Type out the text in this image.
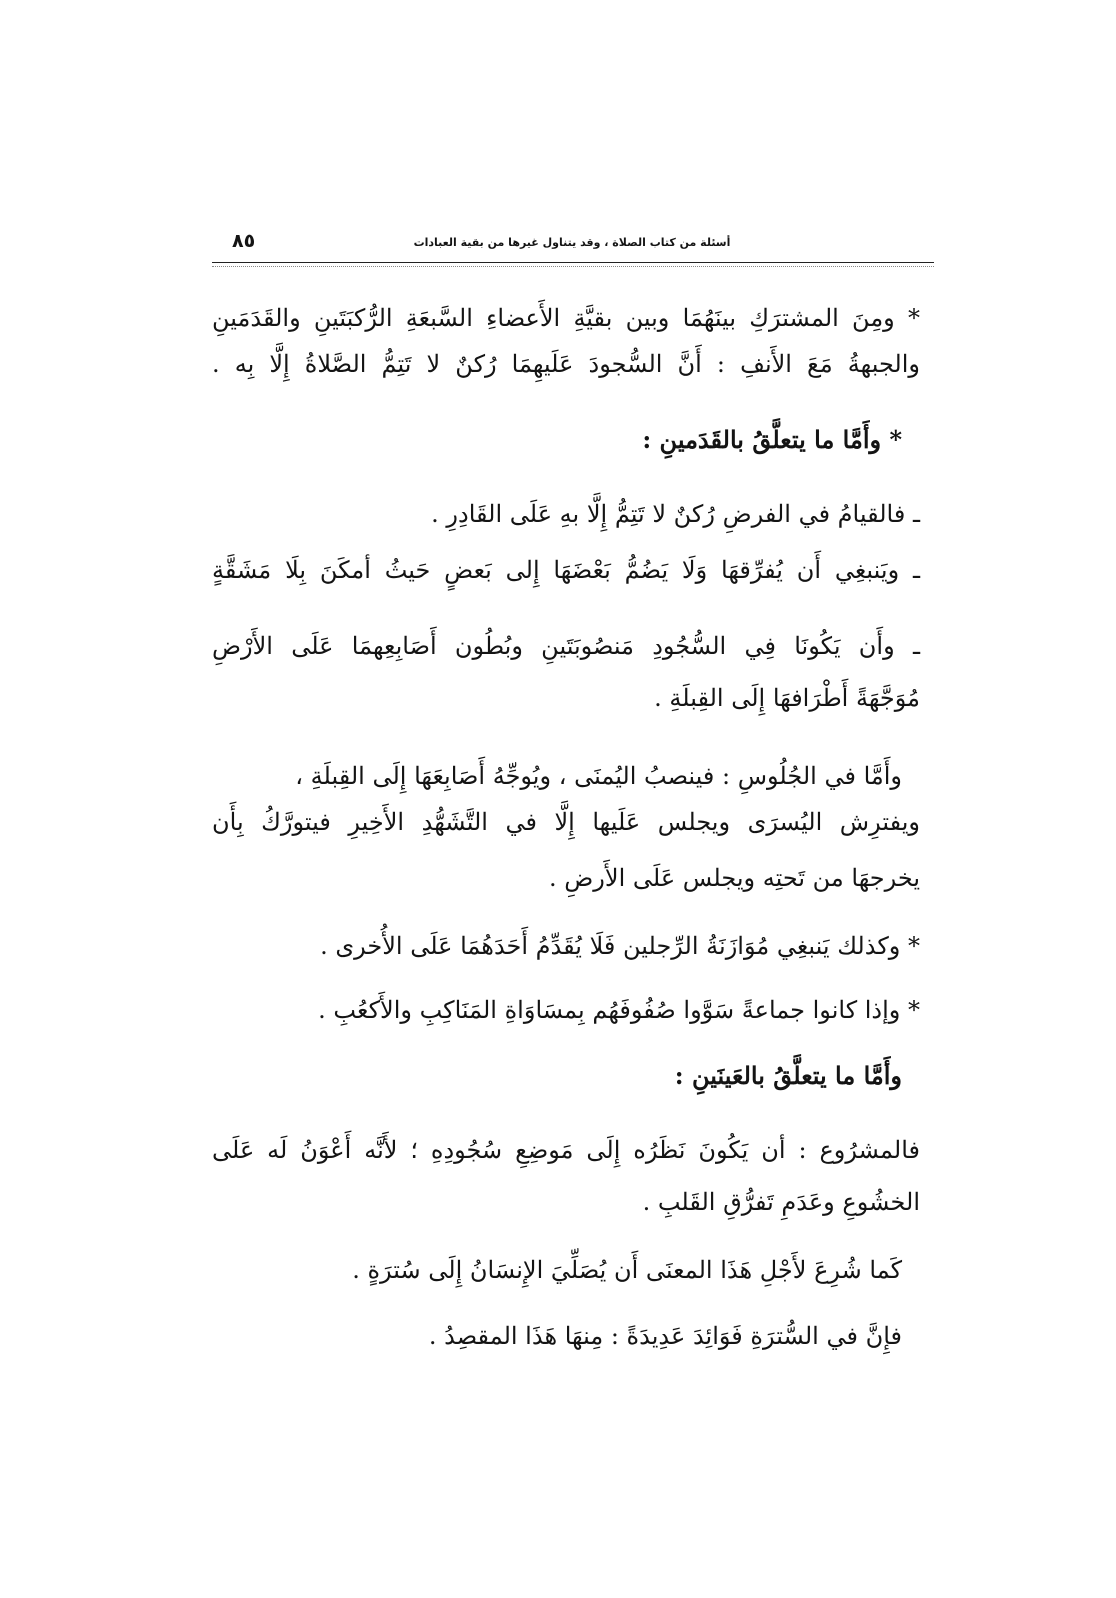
٨٥	أسئلة من كتاب الصلاة ، وقد يتناول غيرها من بقية العبادات
* ومِنَ المشترَكِ بينَهُمَا وبين بقيَّةِ الأَعضاءِ السَّبعَةِ الرُّكبَتَينِ والقَدَمَينِ
والجبهةُ مَعَ الأَنفِ : أَنَّ السُّجودَ عَلَيهِمَا رُكنٌ لا تَتِمُّ الصَّلاةُ إِلَّا بِه .
* وأَمَّا ما يتعلَّقُ بالقَدَمينِ :
ـ فالقيامُ في الفرضِ رُكنٌ لا تَتِمُّ إِلَّا بهِ عَلَى القَادِرِ .
ـ ويَنبغِي أَن يُفرِّقهَا وَلَا يَضُمُّ بَعْضَهَا إِلى بَعضٍ حَيثُ أمكَنَ بِلَا مَشَقَّةٍ
ـ وأَن يَكُونَا فِي السُّجُودِ مَنصُوبَتَينِ وبُطُون أَصَابِعِهمَا عَلَى الأَرْضِ
مُوَجَّهَةً أَطْرَافهَا إِلَى القِبلَةِ .
وأَمَّا في الجُلُوسِ : فينصبُ اليُمنَى ، ويُوجِّهُ أَصَابِعَهَا إِلَى القِبلَةِ ،
ويفترِش اليُسرَى ويجلس عَلَيها إِلَّا في التَّشَهُّدِ الأَخِيرِ فيتورَّكُ بِأَن
يخرجهَا من تَحتِه ويجلس عَلَى الأَرضِ .
* وكذلك يَنبغِي مُوَازَنَةُ الرِّجلين فَلَا يُقَدِّمُ أَحَدَهُمَا عَلَى الأُخرى .
* وإذا كانوا جماعةً سَوَّوا صُفُوفَهُم بِمسَاوَاةِ المَنَاكِبِ والأَكعُبِ .
وأَمَّا ما يتعلَّقُ بالعَينَينِ :
فالمشرُوع : أن يَكُونَ نَظَرُه إِلَى مَوضِعِ سُجُودِهِ ؛ لأَنَّه أَعْوَنُ لَه عَلَى
الخشُوعِ وعَدَمِ تَفرُّقِ القَلبِ .
كَما شُرِعَ لأَجْلِ هَذَا المعنَى أَن يُصَلِّيَ الإِنسَانُ إِلَى سُترَةٍ .
فإِنَّ في السُّترَةِ فَوَائِدَ عَدِيدَةً : مِنهَا هَذَا المقصِدُ .
